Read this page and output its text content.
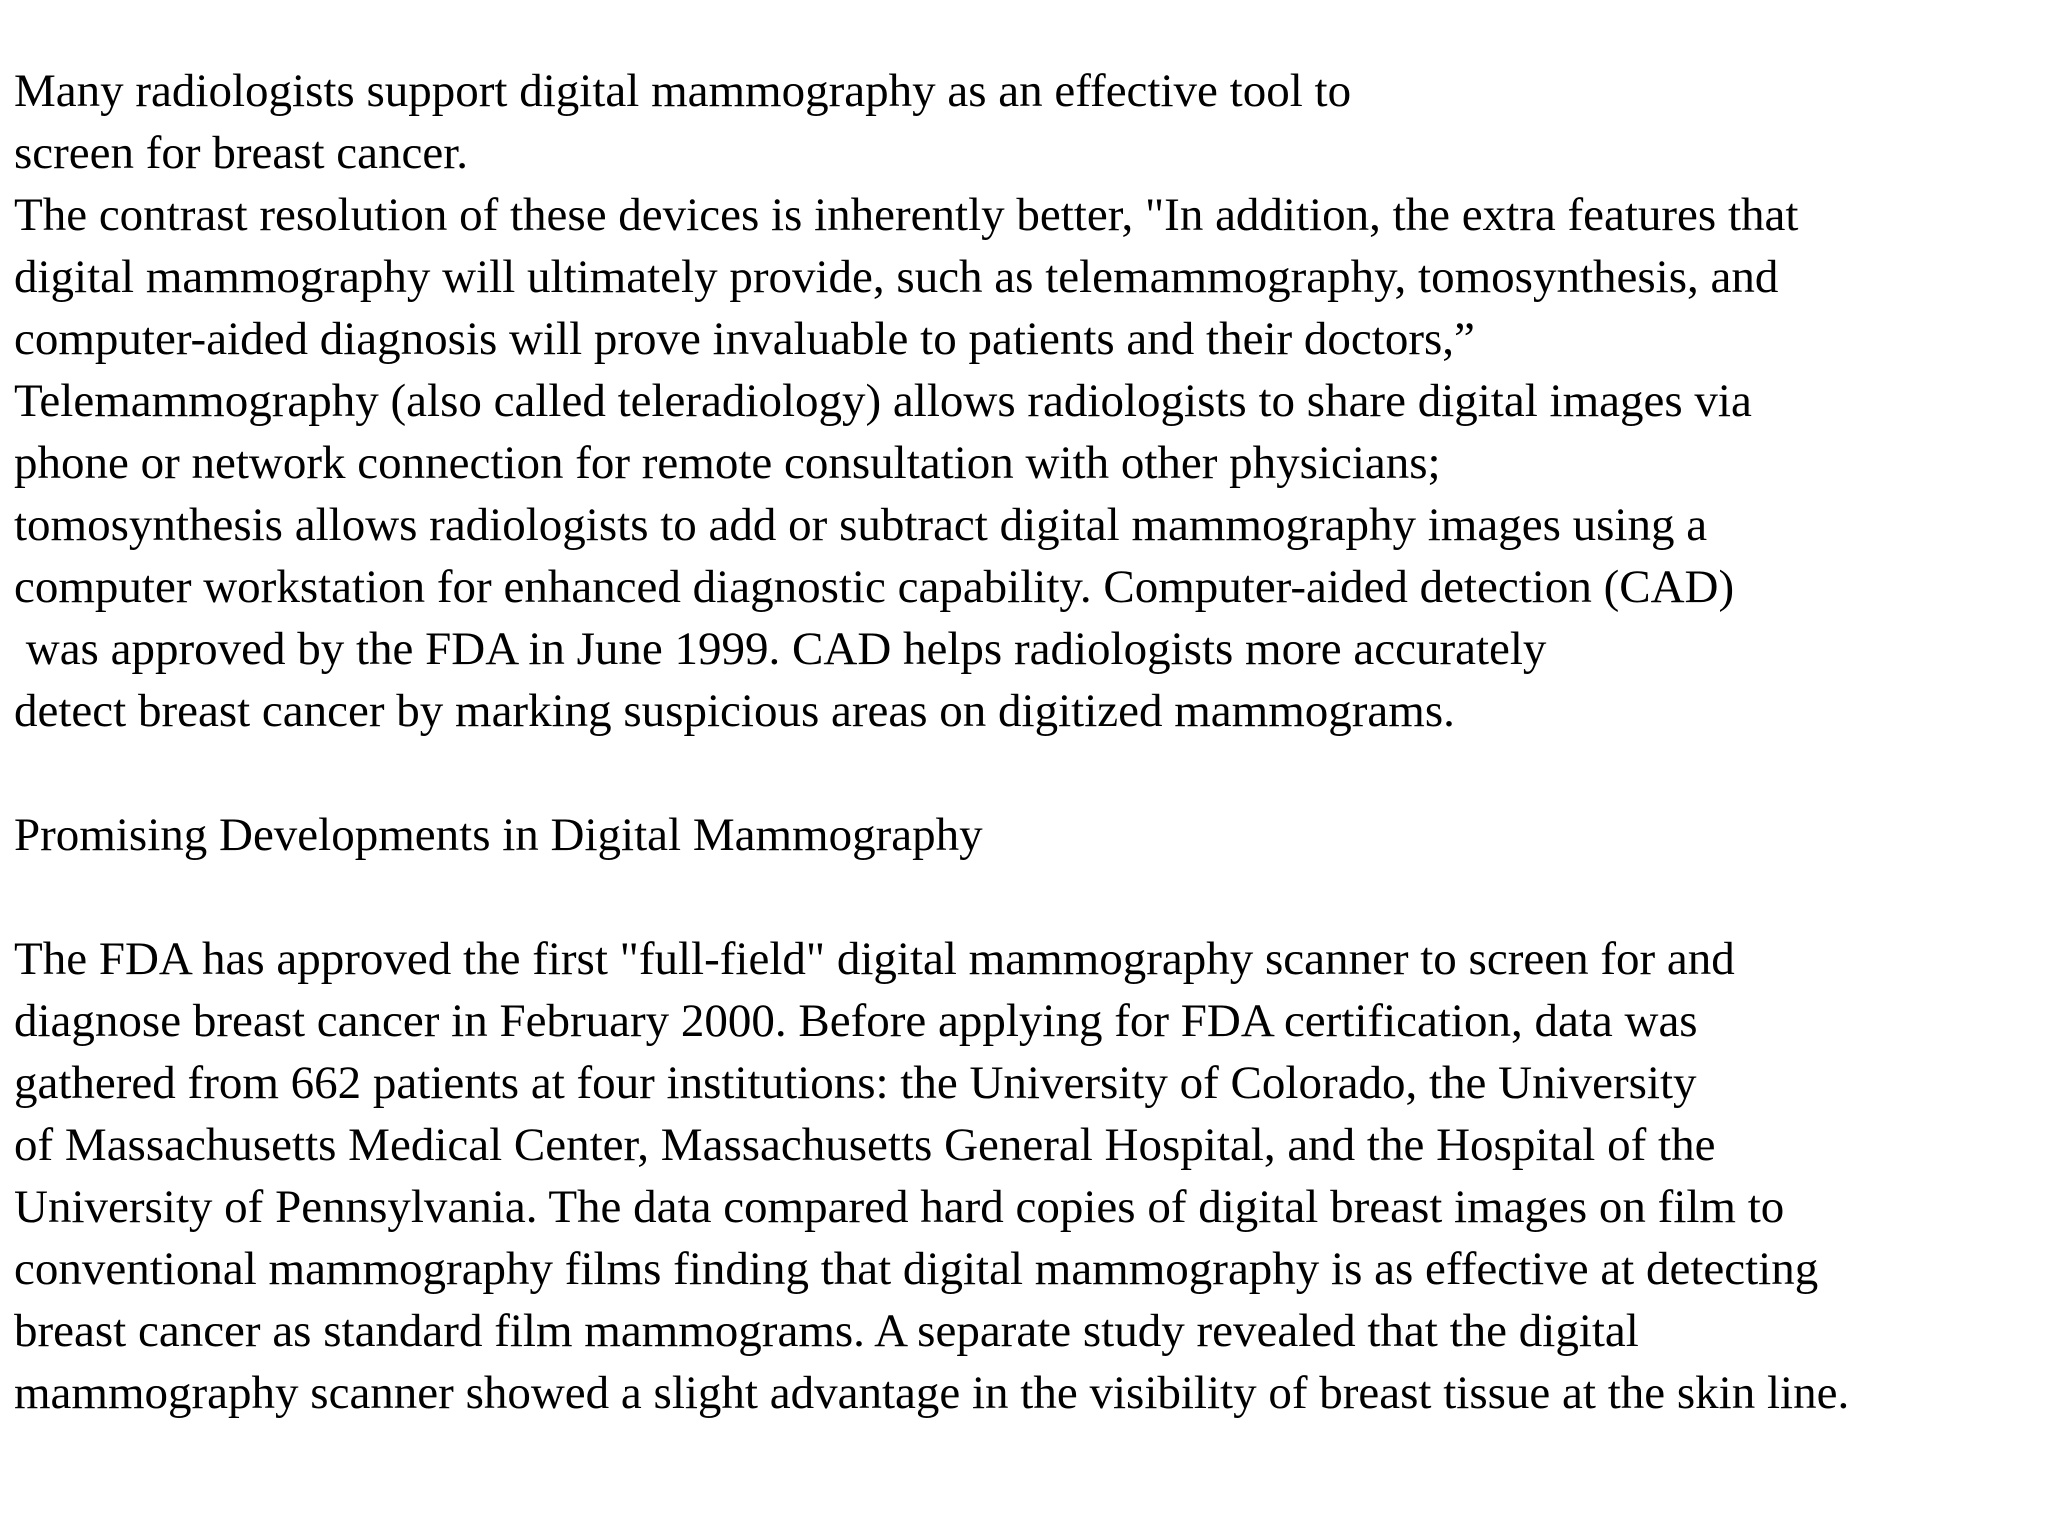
Many radiologists support digital mammography as an effective tool to
screen for breast cancer.
The contrast resolution of these devices is inherently better, "In addition, the extra features that
digital mammography will ultimately provide, such as telemammography, tomosynthesis, and
computer-aided diagnosis will prove invaluable to patients and their doctors,”
Telemammography (also called teleradiology) allows radiologists to share digital images via
phone or network connection for remote consultation with other physicians;
tomosynthesis allows radiologists to add or subtract digital mammography images using a
computer workstation for enhanced diagnostic capability. Computer-aided detection (CAD)
was approved by the FDA in June 1999. CAD helps radiologists more accurately
detect breast cancer by marking suspicious areas on digitized mammograms.
Promising Developments in Digital Mammography
The FDA has approved the first "full-field" digital mammography scanner to screen for and
diagnose breast cancer in February 2000. Before applying for FDA certification, data was
gathered from 662 patients at four institutions: the University of Colorado, the University
of Massachusetts Medical Center, Massachusetts General Hospital, and the Hospital of the
University of Pennsylvania. The data compared hard copies of digital breast images on film to
conventional mammography films finding that digital mammography is as effective at detecting
breast cancer as standard film mammograms. A separate study revealed that the digital
mammography scanner showed a slight advantage in the visibility of breast tissue at the skin line.
